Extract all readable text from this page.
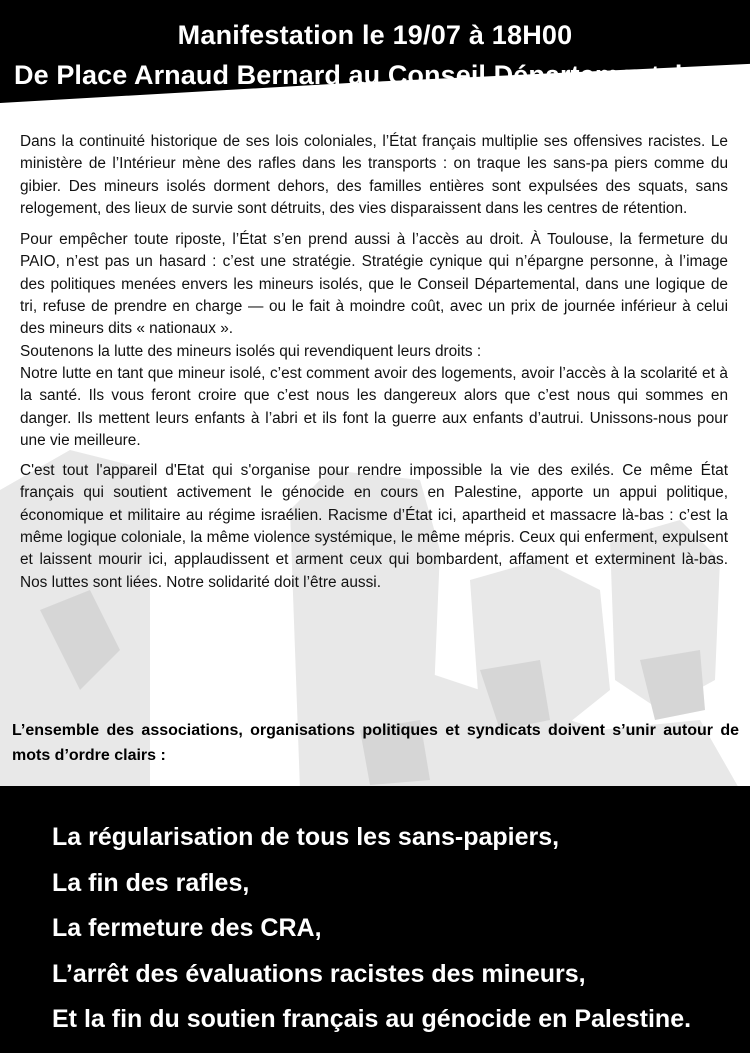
Manifestation le 19/07 à 18H00
De Place Arnaud Bernard au Conseil Départemental

Dans la continuité historique de ses lois coloniales, l’État français multiplie ses offensives racistes. Le ministère de l’Intérieur mène des rafles dans les transports : on traque les sans-pa piers comme du gibier. Des mineurs isolés dorment dehors, des familles entières sont expulsées des squats, sans relogement, des lieux de survie sont détruits, des vies disparaissent dans les centres de rétention.

Pour empêcher toute riposte, l’État s’en prend aussi à l’accès au droit. À Toulouse, la fermeture du PAIO, n’est pas un hasard : c’est une stratégie. Stratégie cynique qui n’épargne personne, à l’image des politiques menées envers les mineurs isolés, que le Conseil Départemental, dans une logique de tri, refuse de prendre en charge — ou le fait à moindre coût, avec un prix de journée inférieur à celui des mineurs dits « nationaux ».

Soutenons la lutte des mineurs isolés qui revendiquent leurs droits :

Notre lutte en tant que mineur isolé, c’est comment avoir des logements, avoir l’accès à la scolarité et à la santé. Ils vous feront croire que c’est nous les dangereux alors que c’est nous qui sommes en danger. Ils mettent leurs enfants à l’abri et ils font la guerre aux enfants d’autrui. Unissons-nous pour une vie meilleure.

C'est tout l'appareil d'Etat qui s'organise pour rendre impossible la vie des exilés. Ce même État français qui soutient activement le génocide en cours en Palestine, apporte un appui politique, économique et militaire au régime israélien. Racisme d’État ici, apartheid et massacre là-bas : c’est la même logique coloniale, la même violence systémique, le même mépris. Ceux qui enferment, expulsent et laissent mourir ici, applaudissent et arment ceux qui bombardent, affament et exterminent là-bas. Nos luttes sont liées. Notre solidarité doit l’être aussi.

L’ensemble des associations, organisations politiques et syndicats doivent s’unir autour de mots d’ordre clairs :
La régularisation de tous les sans-papiers,
La fin des rafles,
La fermeture des CRA,
L’arrêt des évaluations racistes des mineurs,
Et la fin du soutien français au génocide en Palestine.
